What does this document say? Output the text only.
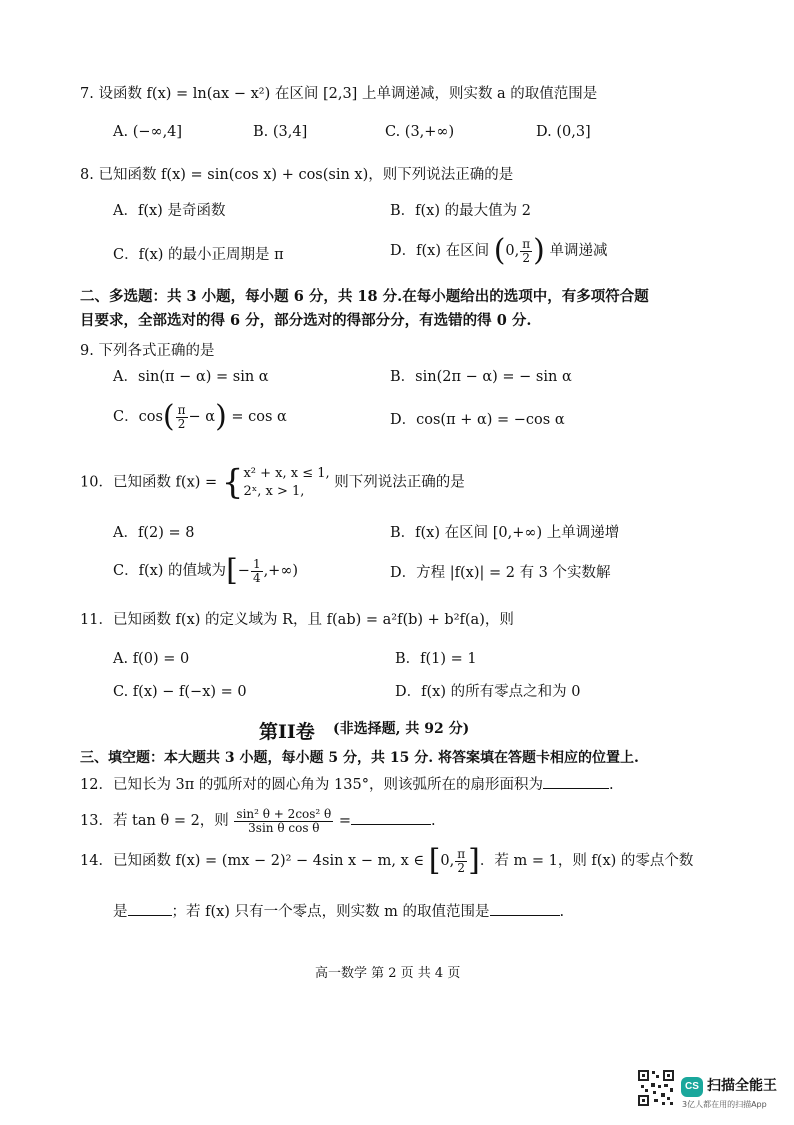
7. 设函数 f(x) = ln(ax − x²) 在区间 [2,3] 上单调递减，则实数 a 的取值范围是
A. (−∞,4]	B. (3,4]	C. (3,+∞)	D. (0,3]
8. 已知函数 f(x) = sin(cos x) + cos(sin x)，则下列说法正确的是
A．f(x) 是奇函数	B．f(x) 的最大值为 2
C．f(x) 的最小正周期是 π	D．f(x) 在区间 (0, $\frac{\pi}{2}$ ) 单调递减
二、多选题：共 3 小题，每小题 6 分，共 18 分.在每小题给出的选项中，有多项符合题
目要求，全部选对的得 6 分，部分选对的得部分分，有选错的得 0 分.
9. 下列各式正确的是
A．sin(π − α) = sin α	B．sin(2π − α) = − sin α
C．$\cos( \frac{\pi}{2} - \alpha) = \cos \alpha$	D．cos(π + α) = −cos α
10．已知函数 f(x) = { x² + x, x ≤ 1,
2ˣ, x > 1,
则下列说法正确的是
A．f(2) = 8	B．f(x) 在区间 [0,+∞) 上单调递增
C．f(x) 的值域为[− $\frac{1}{4}$ ,+∞)	D．方程 |f(x)| = 2 有 3 个实数解
11．已知函数 f(x) 的定义域为 R，且 f(ab) = a²f(b) + b²f(a)，则
A. f(0) = 0	B．f(1) = 1
C. f(x) − f(−x) = 0	D．f(x) 的所有零点之和为 0
第II卷 (非选择题, 共 92 分)
三、填空题：本大题共 3 小题，每小题 5 分，共 15 分. 将答案填在答题卡相应的位置上.
12．已知长为 3π 的弧所对的圆心角为 135°，则该弧所在的扇形面积为	.
13．若 tan θ = 2，则 $\frac{\text{sin² θ + 2cos² θ}}{\text{3sin θ cos θ}}$ =	.
14．已知函数 f(x) = (mx − 2)² − 4sin x − m, x ∈ [0, $\frac{\pi}{2}$ ]．若 m = 1，则 f(x) 的零点个数
是	；若 f(x) 只有一个零点，则实数 m 的取值范围是	.
高一数学 第 2 页 共 4 页
CS 扫描全能王
3亿人都在用的扫描App
